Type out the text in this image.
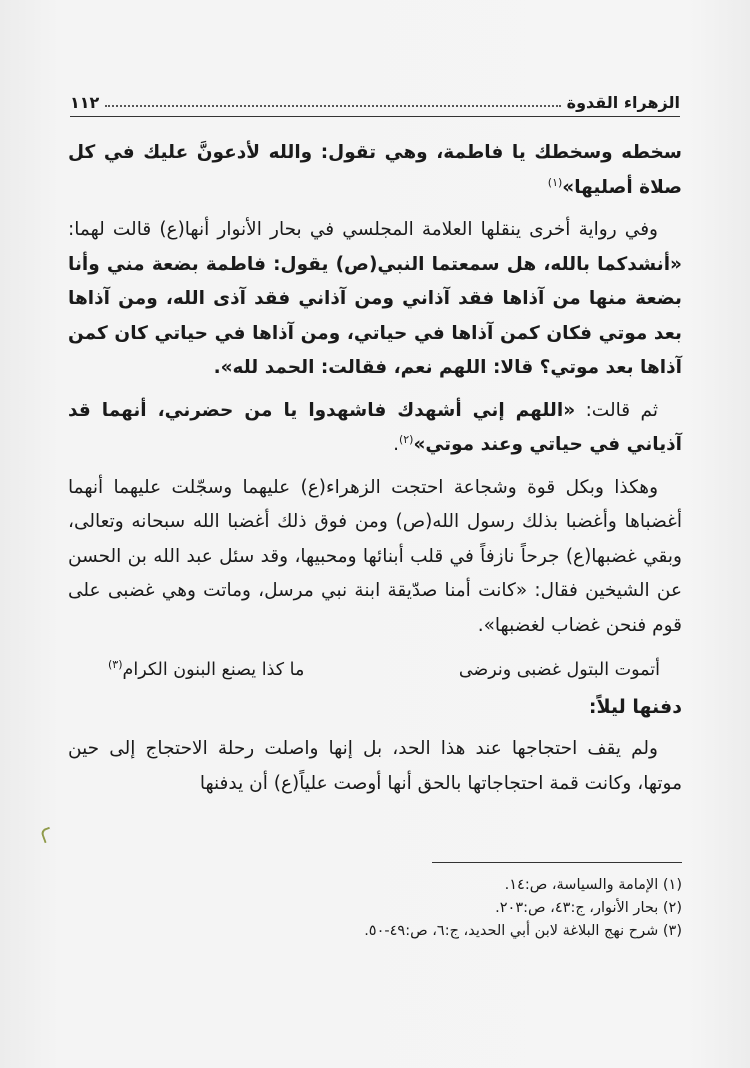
الزهراء القدوة
١١٢

سخطه وسخطك يا فاطمة، وهي تقول: والله لأدعونَّ عليك في كل صلاة أصليها»$^{(١)}$

وفي رواية أخرى ينقلها العلامة المجلسي في بحار الأنوار أنها(ع) قالت لهما: «أنشدكما بالله، هل سمعتما النبي(ص) يقول: فاطمة بضعة مني وأنا بضعة منها من آذاها فقد آذاني ومن آذاني فقد آذى الله، ومن آذاها بعد موتي فكان كمن آذاها في حياتي، ومن آذاها في حياتي كان كمن آذاها بعد موتي؟ قالا: اللهم نعم، فقالت: الحمد لله».

ثم قالت: «اللهم إني أشهدك فاشهدوا يا من حضرني، أنهما قد آذياني في حياتي وعند موتي»$^{(٢)}$.

وهكذا وبكل قوة وشجاعة احتجت الزهراء(ع) عليهما وسجّلت عليهما أنهما أغضباها وأغضبا بذلك رسول الله(ص) ومن فوق ذلك أغضبا الله سبحانه وتعالى، وبقي غضبها(ع) جرحاً نازفاً في قلب أبنائها ومحبيها، وقد سئل عبد الله بن الحسن عن الشيخين فقال: «كانت أمنا صدّيقة ابنة نبي مرسل، وماتت وهي غضبى على قوم فنحن غضاب لغضبها».

أتموت البتول غضبى ونرضى
ما كذا يصنع البنون الكرام$^{(٣)}$

دفنها ليلاً:

ولم يقف احتجاجها عند هذا الحد، بل إنها واصلت رحلة الاحتجاج إلى حين موتها، وكانت قمة احتجاجاتها بالحق أنها أوصت علياً(ع) أن يدفنها

(١) الإمامة والسياسة، ص:١٤.
(٢) بحار الأنوار، ج:٤٣، ص:٢٠٣.
(٣) شرح نهج البلاغة لابن أبي الحديد، ج:٦، ص:٤٩-٥٠.
